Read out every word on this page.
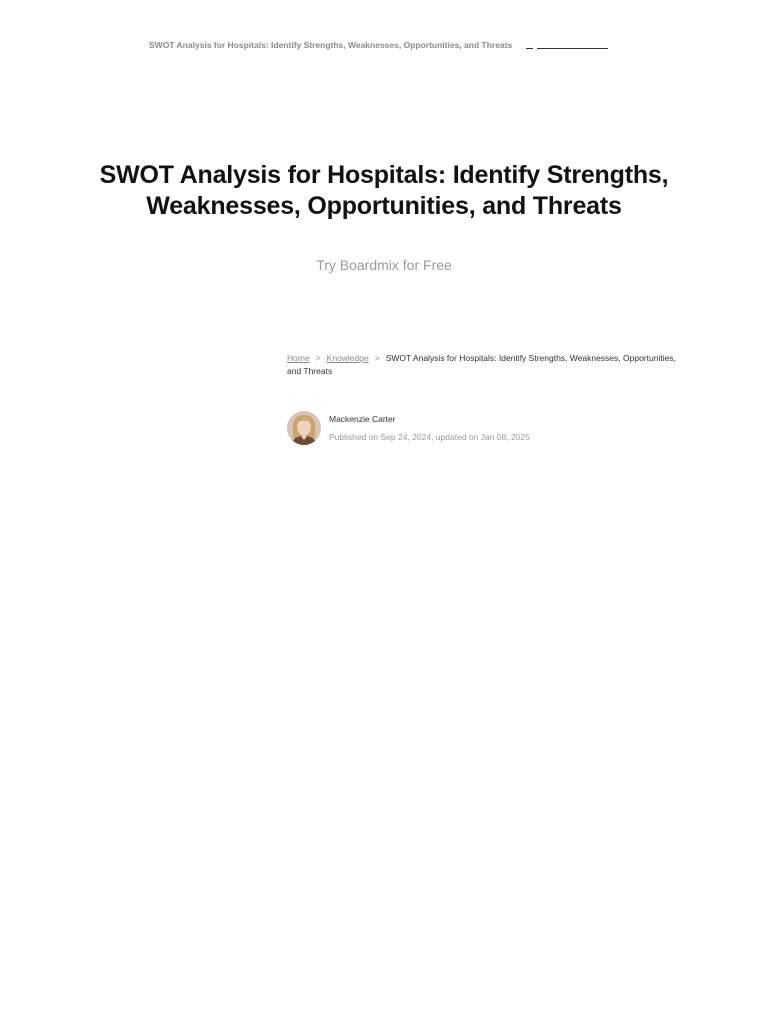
SWOT Analysis for Hospitals: Identify Strengths, Weaknesses, Opportunities, and Threats
SWOT Analysis for Hospitals: Identify Strengths,
Weaknesses, Opportunities, and Threats
Try Boardmix for Free
Home > Knowledge > SWOT Analysis for Hospitals: Identify Strengths, Weaknesses, Opportunities, and Threats
Mackenzie Carter
Published on Sep 24, 2024, updated on Jan 08, 2025
